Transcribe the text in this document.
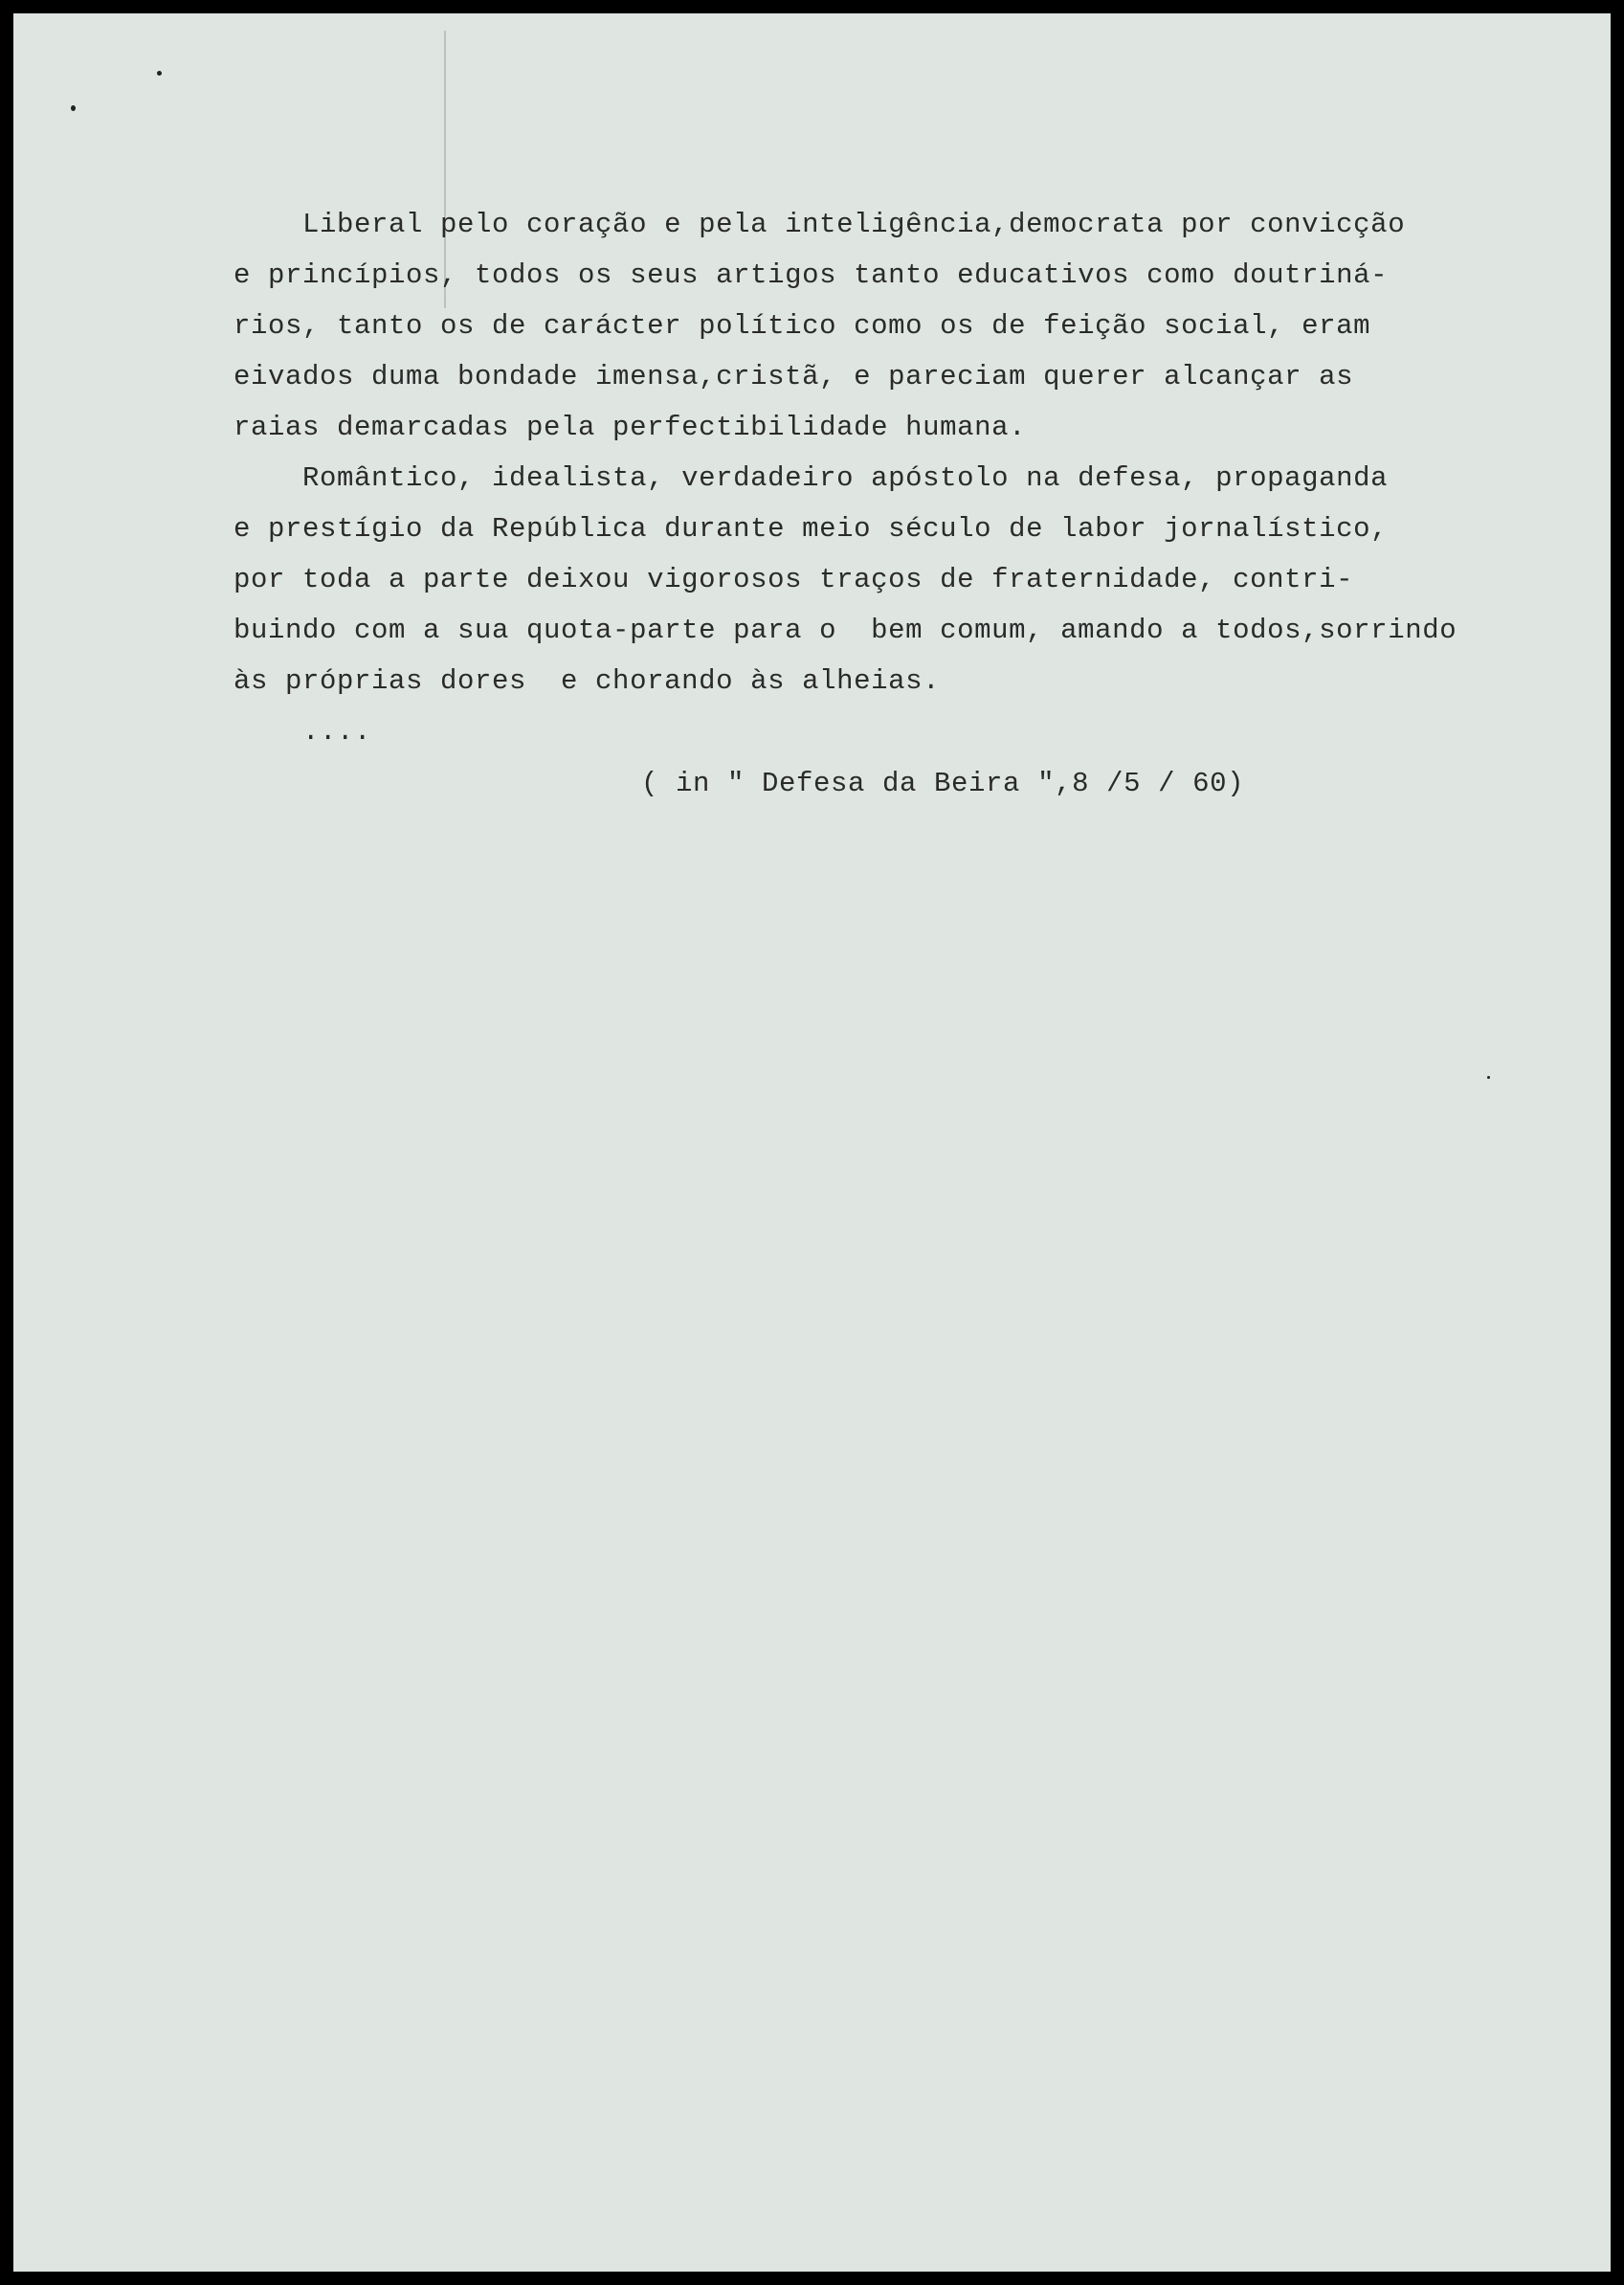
Liberal pelo coração e pela inteligência,democrata por convicção
e princípios, todos os seus artigos tanto educativos como doutriná-
rios, tanto os de carácter político como os de feição social, eram
eivados duma bondade imensa,cristã, e pareciam querer alcançar as
raias demarcadas pela perfectibilidade humana.
Romântico, idealista, verdadeiro apóstolo na defesa, propaganda
e prestígio da República durante meio século de labor jornalístico,
por toda a parte deixou vigorosos traços de fraternidade, contri-
buindo com a sua quota-parte para o  bem comum, amando a todos,sorrindo
às próprias dores  e chorando às alheias.
....
( in " Defesa da Beira ",8 /5 / 60)
